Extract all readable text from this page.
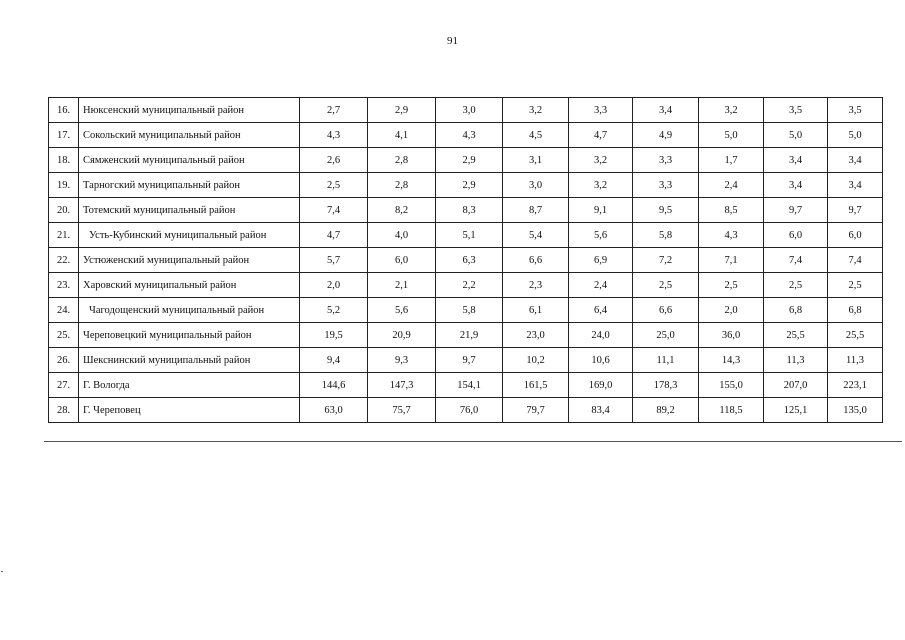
91
16.	Нюксенский муниципальный район	2,7	2,9	3,0	3,2	3,3	3,4	3,2	3,5	3,5
17.	Сокольский муниципальный район	4,3	4,1	4,3	4,5	4,7	4,9	5,0	5,0	5,0
18.	Сямженский муниципальный район	2,6	2,8	2,9	3,1	3,2	3,3	1,7	3,4	3,4
19.	Тарногский муниципальный район	2,5	2,8	2,9	3,0	3,2	3,3	2,4	3,4	3,4
20.	Тотемский муниципальный район	7,4	8,2	8,3	8,7	9,1	9,5	8,5	9,7	9,7
21.	Усть-Кубинский муниципальный район	4,7	4,0	5,1	5,4	5,6	5,8	4,3	6,0	6,0
22.	Устюженский муниципальный район	5,7	6,0	6,3	6,6	6,9	7,2	7,1	7,4	7,4
23.	Харовский муниципальный район	2,0	2,1	2,2	2,3	2,4	2,5	2,5	2,5	2,5
24.	Чагодощенский муниципальный район	5,2	5,6	5,8	6,1	6,4	6,6	2,0	6,8	6,8
25.	Череповецкий муниципальный район	19,5	20,9	21,9	23,0	24,0	25,0	36,0	25,5	25,5
26.	Шекснинский муниципальный район	9,4	9,3	9,7	10,2	10,6	11,1	14,3	11,3	11,3
27.	Г. Вологда	144,6	147,3	154,1	161,5	169,0	178,3	155,0	207,0	223,1
28.	Г. Череповец	63,0	75,7	76,0	79,7	83,4	89,2	118,5	125,1	135,0
